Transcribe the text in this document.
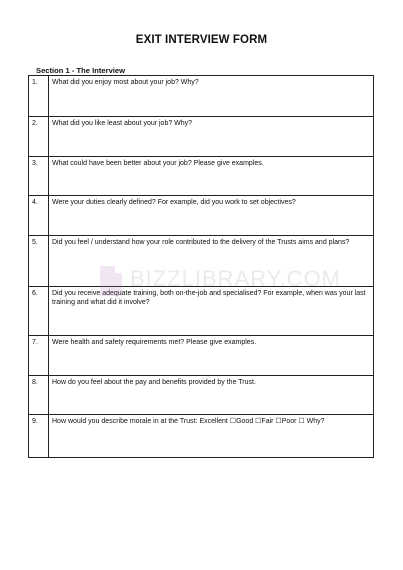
EXIT INTERVIEW FORM
Section 1 - The Interview
1.	What did you enjoy most about your job? Why?
2.	What did you like least about your job? Why?
3.	What could have been better about your job? Please give examples.
4.	Were your duties clearly defined? For example, did you work to set objectives?
5.	Did you feel / understand how your role contributed to the delivery of the Trusts aims and plans?
6.	Did you receive adequate training, both on-the-job and specialised? For example, when was your last training and what did it involve?
7.	Were health and safety requirements met? Please give examples.
8.	How do you feel about the pay and benefits provided by the Trust.
9.	How would you describe morale in at the Trust: Excellent ☐Good ☐Fair ☐Poor ☐ Why?
BIZZLIBRARY.COM
